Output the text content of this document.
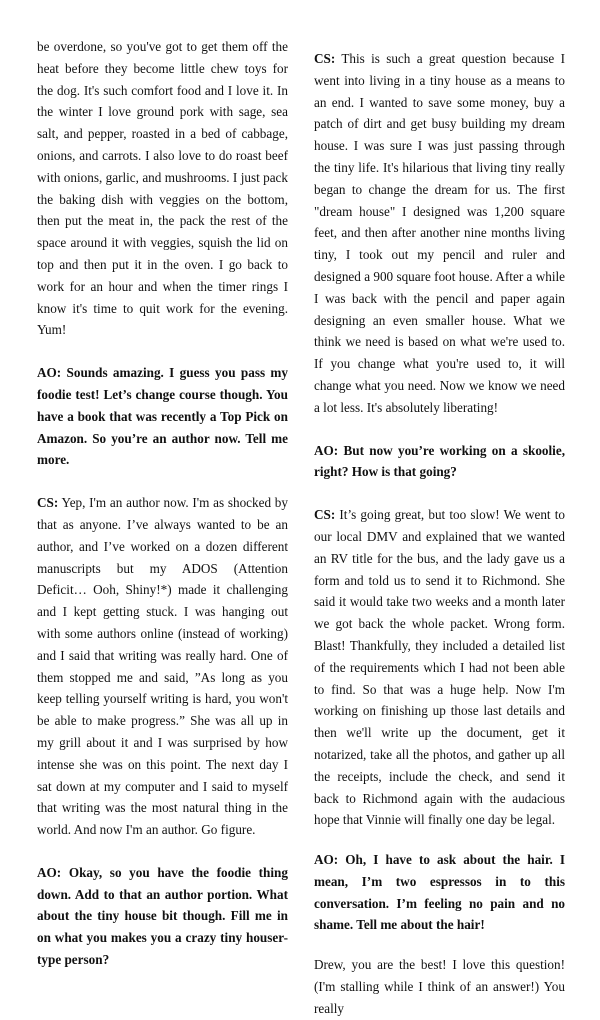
be overdone, so you've got to get them off the heat before they become little chew toys for the dog. It's such comfort food and I love it. In the winter I love ground pork with sage, sea salt, and pepper, roasted in a bed of cabbage, onions, and carrots. I also love to do roast beef with onions, garlic, and mushrooms. I just pack the baking dish with veggies on the bottom, then put the meat in, the pack the rest of the space around it with veggies, squish the lid on top and then put it in the oven. I go back to work for an hour and when the timer rings I know it's time to quit work for the evening. Yum!

AO: Sounds amazing. I guess you pass my foodie test! Let’s change course though. You have a book that was recently a Top Pick on Amazon. So you’re an author now. Tell me more.

CS: Yep, I'm an author now. I'm as shocked by that as anyone. I’ve always wanted to be an author, and I’ve worked on a dozen different manuscripts but my ADOS (Attention Deficit… Ooh, Shiny!*) made it challenging and I kept getting stuck. I was hanging out with some authors online (instead of working) and I said that writing was really hard. One of them stopped me and said, ”As long as you keep telling yourself writing is hard, you won't be able to make progress.” She was all up in my grill about it and I was surprised by how intense she was on this point. The next day I sat down at my computer and I said to myself that writing was the most natural thing in the world. And now I'm an author. Go figure.

AO: Okay, so you have the foodie thing down. Add to that an author portion. What about the tiny house bit though. Fill me in on what you makes you a crazy tiny houser-type person?

CS: This is such a great question because I went into living in a tiny house as a means to an end. I wanted to save some money, buy a patch of dirt and get busy building my dream house. I was sure I was just passing through the tiny life. It's hilarious that living tiny really began to change the dream for us. The first "dream house" I designed was 1,200 square feet, and then after another nine months living tiny, I took out my pencil and ruler and designed a 900 square foot house. After a while I was back with the pencil and paper again designing an even smaller house. What we think we need is based on what we're used to. If you change what you're used to, it will change what you need. Now we know we need a lot less. It's absolutely liberating!

AO: But now you’re working on a skoolie, right? How is that going?

CS: It’s going great, but too slow! We went to our local DMV and explained that we wanted an RV title for the bus, and the lady gave us a form and told us to send it to Richmond. She said it would take two weeks and a month later we got back the whole packet. Wrong form. Blast! Thankfully, they included a detailed list of the requirements which I had not been able to find. So that was a huge help. Now I'm working on finishing up those last details and then we'll write up the document, get it notarized, take all the photos, and gather up all the receipts, include the check, and send it back to Richmond again with the audacious hope that Vinnie will finally one day be legal.

AO: Oh, I have to ask about the hair. I mean, I’m two espressos in to this conversation. I’m feeling no pain and no shame. Tell me about the hair!

Drew, you are the best! I love this question! (I'm stalling while I think of an answer!) You really
